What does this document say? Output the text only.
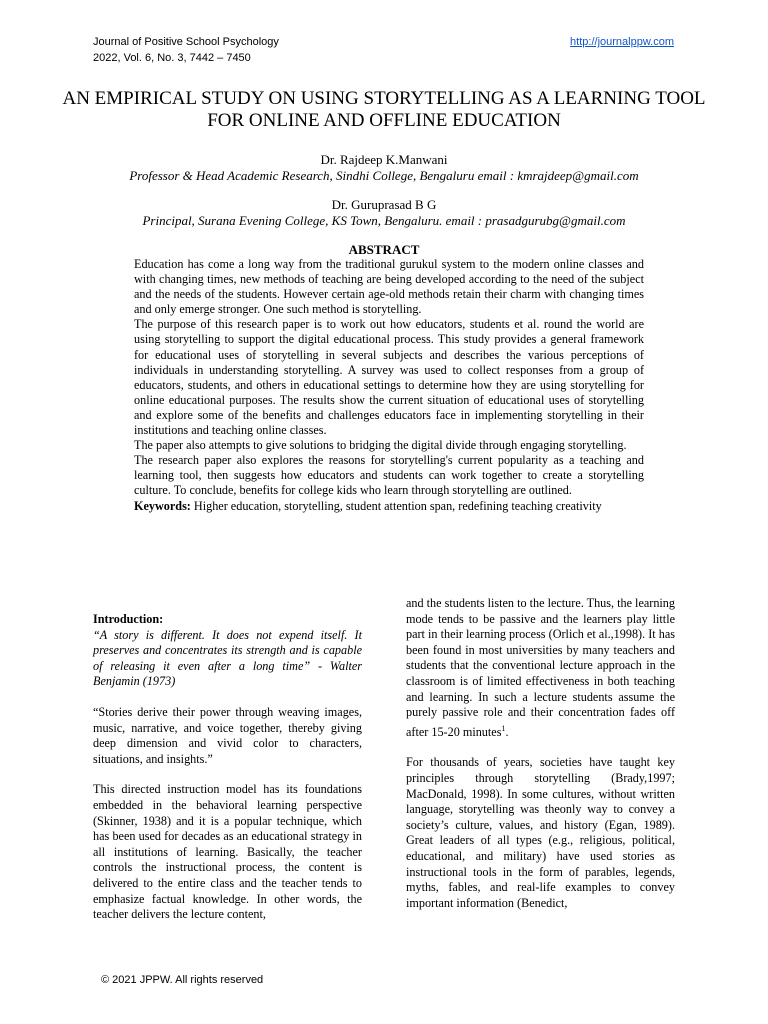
Journal of Positive School Psychology
2022, Vol. 6, No. 3, 7442 – 7450
http://journalppw.com
AN EMPIRICAL STUDY ON USING STORYTELLING AS A LEARNING TOOL FOR ONLINE AND OFFLINE EDUCATION
Dr. Rajdeep K.Manwani
Professor & Head Academic Research, Sindhi College, Bengaluru email : kmrajdeep@gmail.com
Dr. Guruprasad B G
Principal, Surana Evening College, KS Town, Bengaluru. email : prasadgurubg@gmail.com
ABSTRACT

Education has come a long way from the traditional gurukul system to the modern online classes and with changing times, new methods of teaching are being developed according to the need of the subject and the needs of the students. However certain age-old methods retain their charm with changing times and only emerge stronger. One such method is storytelling.

The purpose of this research paper is to work out how educators, students et al. round the world are using storytelling to support the digital educational process. This study provides a general framework for educational uses of storytelling in several subjects and describes the various perceptions of individuals in understanding storytelling. A survey was used to collect responses from a group of educators, students, and others in educational settings to determine how they are using storytelling for online educational purposes. The results show the current situation of educational uses of storytelling and explore some of the benefits and challenges educators face in implementing storytelling in their institutions and teaching online classes.

The paper also attempts to give solutions to bridging the digital divide through engaging storytelling.

The research paper also explores the reasons for storytelling's current popularity as a teaching and learning tool, then suggests how educators and students can work together to create a storytelling culture. To conclude, benefits for college kids who learn through storytelling are outlined.

Keywords: Higher education, storytelling, student attention span, redefining teaching creativity

Introduction:

“A story is different. It does not expend itself. It preserves and concentrates its strength and is capable of releasing it even after a long time” - Walter Benjamin (1973)

“Stories derive their power through weaving images, music, narrative, and voice together, thereby giving deep dimension and vivid color to characters, situations, and insights.”

This directed instruction model has its foundations embedded in the behavioral learning perspective (Skinner, 1938) and it is a popular technique, which has been used for decades as an educational strategy in all institutions of learning. Basically, the teacher controls the instructional process, the content is delivered to the entire class and the teacher tends to emphasize factual knowledge. In other words, the teacher delivers the lecture content,

and the students listen to the lecture. Thus, the learning mode tends to be passive and the learners play little part in their learning process (Orlich et al.,1998). It has been found in most universities by many teachers and students that the conventional lecture approach in the classroom is of limited effectiveness in both teaching and learning. In such a lecture students assume the purely passive role and their concentration fades off after 15-20 minutes$^1$.

For thousands of years, societies have taught key principles through storytelling (Brady,1997; MacDonald, 1998). In some cultures, without written language, storytelling was theonly way to convey a society’s culture, values, and history (Egan, 1989). Great leaders of all types (e.g., religious, political, educational, and military) have used stories as instructional tools in the form of parables, legends, myths, fables, and real-life examples to convey important information (Benedict,

© 2021 JPPW. All rights reserved
